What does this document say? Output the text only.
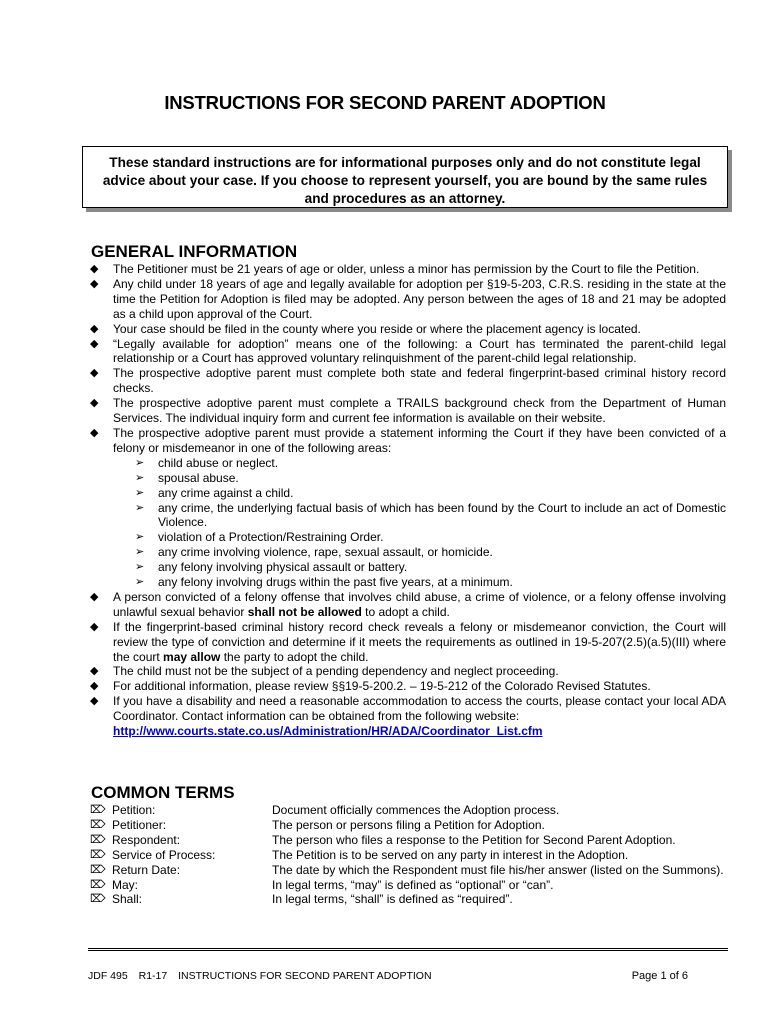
INSTRUCTIONS FOR SECOND PARENT ADOPTION
These standard instructions are for informational purposes only and do not constitute legal
advice about your case. If you choose to represent yourself, you are bound by the same rules
and procedures as an attorney.
GENERAL INFORMATION
◆ The Petitioner must be 21 years of age or older, unless a minor has permission by the Court to file the Petition.
◆ Any child under 18 years of age and legally available for adoption per §19-5-203, C.R.S. residing in the state at the time the Petition for Adoption is filed may be adopted. Any person between the ages of 18 and 21 may be adopted as a child upon approval of the Court.
◆ Your case should be filed in the county where you reside or where the placement agency is located.
◆ “Legally available for adoption” means one of the following: a Court has terminated the parent-child legal relationship or a Court has approved voluntary relinquishment of the parent-child legal relationship.
◆ The prospective adoptive parent must complete both state and federal fingerprint-based criminal history record checks.
◆ The prospective adoptive parent must complete a TRAILS background check from the Department of Human Services. The individual inquiry form and current fee information is available on their website.
◆ The prospective adoptive parent must provide a statement informing the Court if they have been convicted of a felony or misdemeanor in one of the following areas:
➢ child abuse or neglect.
➢ spousal abuse.
➢ any crime against a child.
➢ any crime, the underlying factual basis of which has been found by the Court to include an act of Domestic Violence.
➢ violation of a Protection/Restraining Order.
➢ any crime involving violence, rape, sexual assault, or homicide.
➢ any felony involving physical assault or battery.
➢ any felony involving drugs within the past five years, at a minimum.
◆ A person convicted of a felony offense that involves child abuse, a crime of violence, or a felony offense involving unlawful sexual behavior shall not be allowed to adopt a child.
◆ If the fingerprint-based criminal history record check reveals a felony or misdemeanor conviction, the Court will review the type of conviction and determine if it meets the requirements as outlined in 19-5-207(2.5)(a.5)(III) where the court may allow the party to adopt the child.
◆ The child must not be the subject of a pending dependency and neglect proceeding.
◆ For additional information, please review §§19-5-200.2. – 19-5-212 of the Colorado Revised Statutes.
◆ If you have a disability and need a reasonable accommodation to access the courts, please contact your local ADA Coordinator. Contact information can be obtained from the following website:
http://www.courts.state.co.us/Administration/HR/ADA/Coordinator_List.cfm
COMMON TERMS
⌦ Petition:	Document officially commences the Adoption process.
⌦ Petitioner:	The person or persons filing a Petition for Adoption.
⌦ Respondent:	The person who files a response to the Petition for Second Parent Adoption.
⌦ Service of Process:	The Petition is to be served on any party in interest in the Adoption.
⌦ Return Date:	The date by which the Respondent must file his/her answer (listed on the Summons).
⌦ May:	In legal terms, “may” is defined as “optional” or “can”.
⌦ Shall:	In legal terms, “shall” is defined as “required”.
JDF 495 R1-17 INSTRUCTIONS FOR SECOND PARENT ADOPTION	Page 1 of 6
